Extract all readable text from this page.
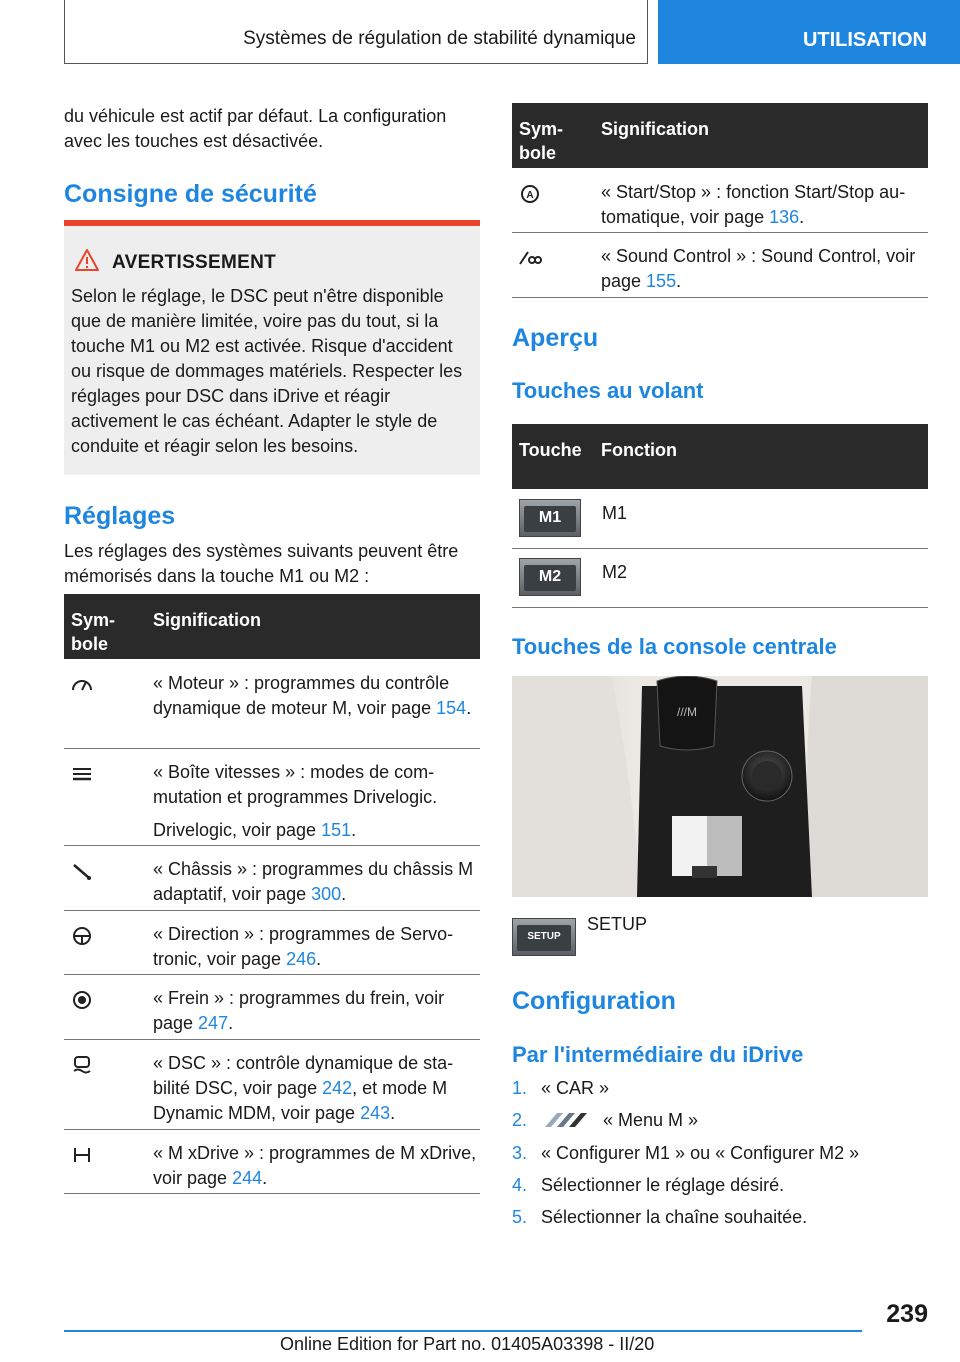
Systèmes de régulation de stabilité dynamique	UTILISATION

du véhicule est actif par défaut. La configuration avec les touches est désactivée.

Consigne de sécurité
AVERTISSEMENT
Selon le réglage, le DSC peut n'être disponible que de manière limitée, voire pas du tout, si la touche M1 ou M2 est activée. Risque d'accident ou risque de dommages matériels. Respecter les réglages pour DSC dans iDrive et réagir activement le cas échéant. Adapter le style de conduite et réagir selon les besoins.
Réglages

Les réglages des systèmes suivants peuvent être mémorisés dans la touche M1 ou M2 :

Symbole
Signification
« Moteur » : programmes du contrôle dynamique de moteur M, voir page 154.
« Boîte vitesses » : modes de commutation et programmes Drivelogic.
Drivelogic, voir page 151.
« Châssis » : programmes du châssis M adaptatif, voir page 300.
« Direction » : programmes de Servotronic, voir page 246.
« Frein » : programmes du frein, voir page 247.
« DSC » : contrôle dynamique de stabilité DSC, voir page 242, et mode M Dynamic MDM, voir page 243.
« M xDrive » : programmes de M xDrive, voir page 244.
Symbole
Signification
A	« Start/Stop » : fonction Start/Stop automatique, voir page 136.
« Sound Control » : Sound Control, voir page 155.
Aperçu
Touches au volant
Touche	Fonction
M1	M1
M2	M2
Touches de la console centrale
///M
SETUP
SETUP
Configuration
Par l'intermédiaire du iDrive
1. « CAR »
2.	« Menu M »
3. « Configurer M1 » ou « Configurer M2 »
4. Sélectionner le réglage désiré.
5. Sélectionner la chaîne souhaitée.
239
Online Edition for Part no. 01405A03398 - II/20
